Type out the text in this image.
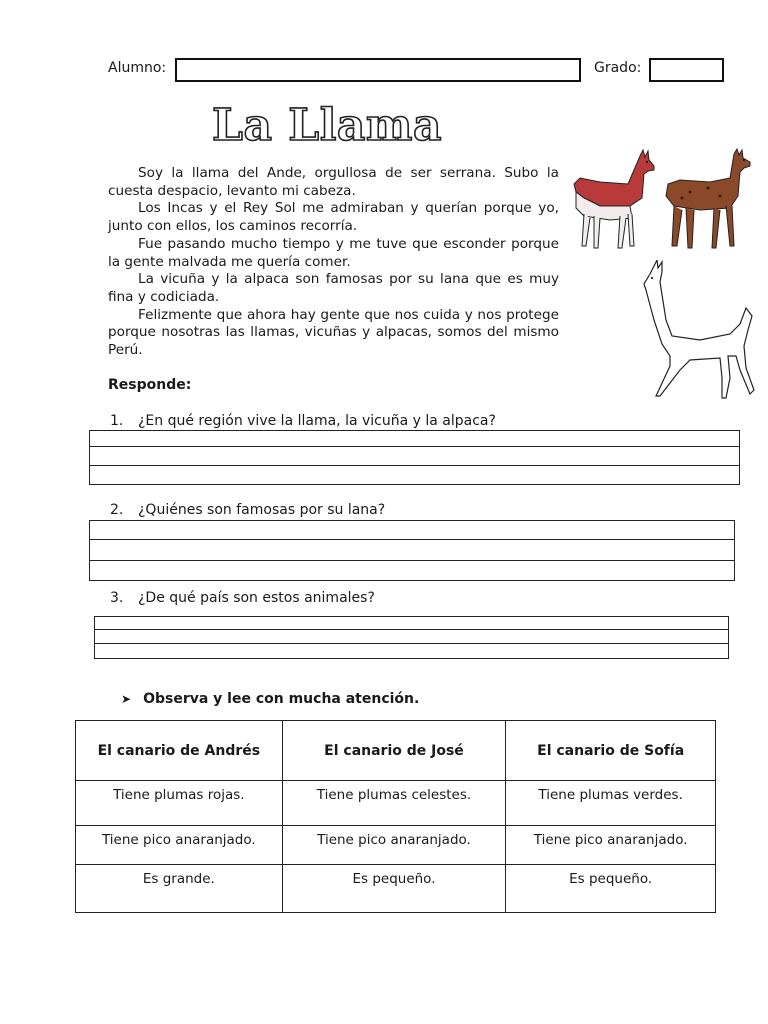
Alumno:	Grado:
La Llama

Soy la llama del Ande, orgullosa de ser serrana. Subo la cuesta despacio, levanto mi cabeza.

Los Incas y el Rey Sol me admiraban y querían porque yo, junto con ellos, los caminos recorría.

Fue pasando mucho tiempo y me tuve que esconder porque la gente malvada me quería comer.

La vicuña y la alpaca son famosas por su lana que es muy fina y codiciada.

Felizmente que ahora hay gente que nos cuida y nos protege porque nosotras las llamas, vicuñas y alpacas, somos del mismo Perú.

Responde:
1. ¿En qué región vive la llama, la vicuña y la alpaca?
2. ¿Quiénes son famosas por su lana?
3. ¿De qué país son estos animales?
➤ Observa y lee con mucha atención.
El canario de Andrés	El canario de José	El canario de Sofía
Tiene plumas rojas.	Tiene plumas celestes.	Tiene plumas verdes.
Tiene pico anaranjado.	Tiene pico anaranjado.	Tiene pico anaranjado.
Es grande.	Es pequeño.	Es pequeño.
